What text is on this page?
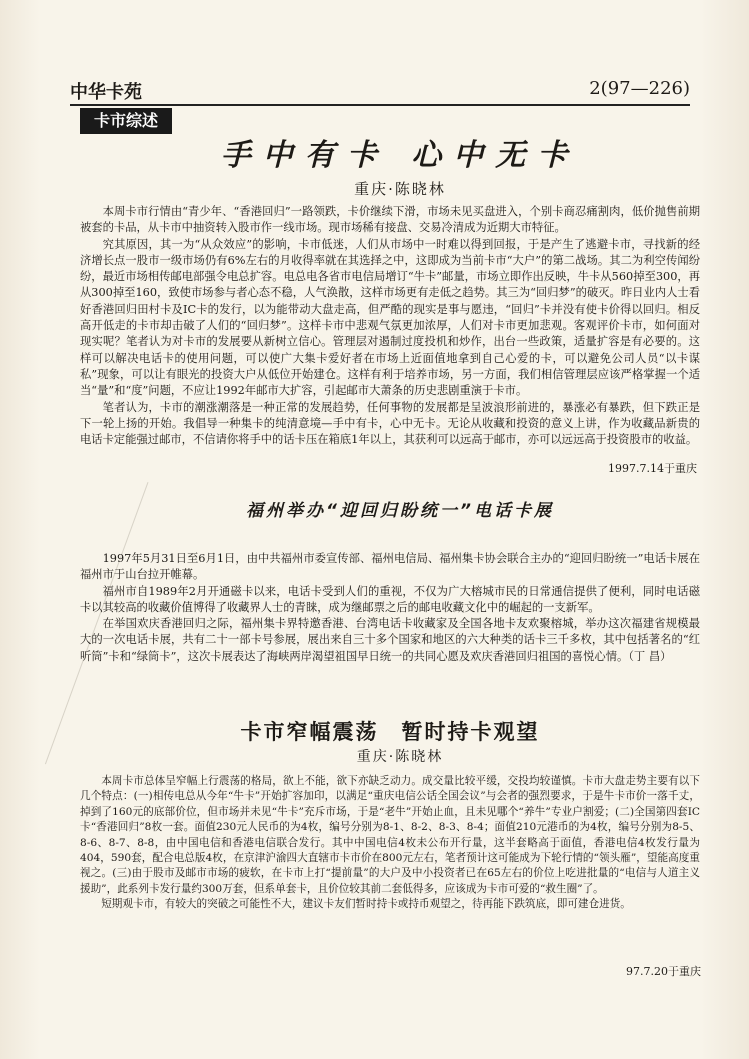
中华卡苑	2(97—226)
卡市综述
手中有卡 心中无卡
重庆·陈晓林

本周卡市行情由“青少年、“香港回归”一路领跌，卡价继续下滑，市场未见买盘进入，个别卡商忍痛割肉，低价抛售前期被套的卡品，从卡市中抽资转入股市作一线市场。现市场稀有接盘、交易冷清成为近期大市特征。

究其原因，其一为“从众效应”的影响，卡市低迷，人们从市场中一时难以得到回报，于是产生了逃避卡市，寻找新的经济增长点一股市一级市场仍有6%左右的月收得率就在其选择之中，这即成为当前卡市“大户”的第二战场。其二为利空传闻纷纷，最近市场相传邮电部强令电总扩容。电总电各省市电信局增订“牛卡”邮量，市场立即作出反映，牛卡从560掉至300，再从300掉至160，致使市场参与者心态不稳，人气涣散，这样市场更有走低之趋势。其三为“回归梦”的破灭。昨日业内人士看好香港回归田村卡及IC卡的发行，以为能带动大盘走高，但严酷的现实是事与愿违，“回归”卡并没有使卡价得以回归。相反高开低走的卡市却击破了人们的“回归梦”。这样卡市中悲观气氛更加浓厚，人们对卡市更加悲观。客观评价卡市，如何面对现实呢？笔者认为对卡市的发展要从新树立信心。管理层对遏制过度投机和炒作，出台一些政策，适量扩容是有必要的。这样可以解决电话卡的使用问题，可以使广大集卡爱好者在市场上近面值地拿到自己心爱的卡，可以避免公司人员“以卡谋私”现象，可以让有眼光的投资大户从低位开始建仓。这样有利于培养市场，另一方面，我们相信管理层应该严格掌握一个适当“量”和“度”问题，不应让1992年邮市大扩容，引起邮市大萧条的历史悲剧重演于卡市。

笔者认为，卡市的潮涨潮落是一种正常的发展趋势，任何事物的发展都是呈波浪形前进的，暴涨必有暴跌，但下跌正是下一轮上扬的开始。我倡导一种集卡的纯清意境—手中有卡，心中无卡。无论从收藏和投资的意义上讲，作为收藏品新贵的电话卡定能强过邮市，不信请你将手中的话卡压在箱底1年以上，其获利可以远高于邮市，亦可以远远高于投资股市的收益。

1997.7.14于重庆
福州举办“迎回归盼统一”电话卡展

1997年5月31日至6月1日，由中共福州市委宣传部、福州电信局、福州集卡协会联合主办的“迎回归盼统一”电话卡展在福州市于山台拉开帷幕。

福州市自1989年2月开通磁卡以来，电话卡受到人们的重视，不仅为广大榕城市民的日常通信提供了便利，同时电话磁卡以其较高的收藏价值博得了收藏界人士的青睐，成为继邮票之后的邮电收藏文化中的崛起的一支新军。

在举国欢庆香港回归之际，福州集卡界特邀香港、台湾电话卡收藏家及全国各地卡友欢聚榕城，举办这次福建省规模最大的一次电话卡展，共有二十一部卡号参展，展出来自三十多个国家和地区的六大种类的话卡三千多枚，其中包括著名的“红听筒”卡和“绿筒卡”，这次卡展表达了海峡两岸渴望祖国早日统一的共同心愿及欢庆香港回归祖国的喜悦心情。（丁 昌）

卡市窄幅震荡　暂时持卡观望
重庆·陈晓林

本周卡市总体呈窄幅上行震荡的格局，欲上不能，欲下亦缺乏动力。成交量比较平缓，交投均较谨慎。卡市大盘走势主要有以下几个特点：(一)相传电总从今年“牛卡”开始扩容加印，以满足“重庆电信公话全国会议”与会者的强烈要求，于是牛卡市价一落千丈，掉到了160元的底部价位，但市场并未见“牛卡”充斥市场，于是“老牛”开始止血，且未见哪个“养牛”专业户割爱；(二)全国第四套IC卡“香港回归”8枚一套。面值230元人民币的为4枚，编号分别为8-1、8-2、8-3、8-4；面值210元港币的为4枚，编号分别为8-5、8-6、8-7、8-8，由中国电信和香港电信联合发行。其中中国电信4枚未公布开行量，这半套略高于面值，香港电信4枚发行量为404，590套，配合电总版4枚，在京津沪渝四大直辖市卡市价在800元左右，笔者预计这可能成为下轮行情的“领头雁”，望能高度重视之。(三)由于股市及邮市市场的疲软，在卡市上打“提前量”的大户及中小投资者已在65左右的价位上吃进批量的“电信与人道主义援助”，此系列卡发行量约300万套，但系单套卡，且价位较其前二套低得多，应该成为卡市可爱的“救生圈”了。

短期观卡市，有较大的突破之可能性不大，建议卡友们暂时持卡或持币观望之，待再能下跌筑底，即可建仓进货。

97.7.20于重庆
